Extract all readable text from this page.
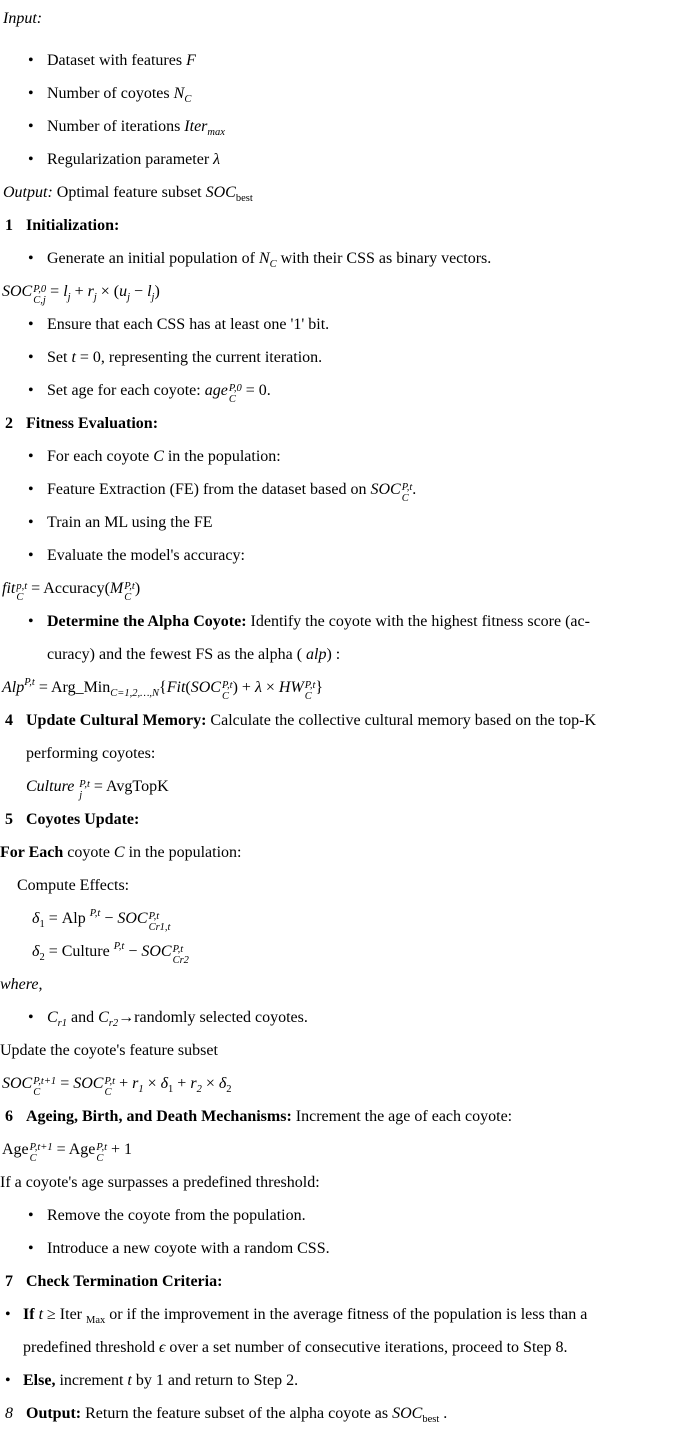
Input:
• Dataset with features F
• Number of coyotes $N_C$
• Number of iterations Iter$_{max}$
• Regularization parameter λ
Output: Optimal feature subset $SOC_{best}$
1 Initialization:
• Generate an initial population of $N_C$ with their CSS as binary vectors.
SOC P,0
C,j
= $l_j + r_j \times (u_j - l_j)$
• Ensure that each CSS has at least one '1' bit.
• Set t = 0, representing the current iteration.
• Set age for each coyote: age P,0
C
= 0.
2 Fitness Evaluation:
• For each coyote C in the population:
• Feature Extraction (FE) from the dataset based on SOC P,t
C
.
• Train an ML using the FE
• Evaluate the model's accuracy:
fit p,t
C
= Accuracy(M P,t
C
)
• Determine the Alpha Coyote: Identify the coyote with the highest fitness score (ac-
curacy) and the fewest FS as the alpha ( alp) :
Alp$^{P,t}$ = Arg_Min$_{C=1,2,\dots,N}${Fit(SOC P,t
C
) + λ × HW P,t
C
}
4 Update Cultural Memory: Calculate the collective cultural memory based on the top-K
performing coyotes:
Culture P,t
j
= AvgTopK
5 Coyotes Update:
For Each coyote C in the population:
Compute Effects:
$\delta_1$ = Alp $^{P,t}$ − SOC P,t
Cr1,t
$\delta_2$ = Culture $^{P,t}$ − SOC P,t
Cr2
where,
• $C_{r1}$ and $C_{r2}\to randomly$ selected coyotes.
Update the coyote's feature subset
SOC P,t+1
C
= SOC P,t
C
+ $r_1 \times \delta_1 + r_2 \times \delta_2$
6 Ageing, Birth, and Death Mechanisms: Increment the age of each coyote:
Age P,t+1
C
= Age P,t
C
+ 1
If a coyote's age surpasses a predefined threshold:
• Remove the coyote from the population.
• Introduce a new coyote with a random CSS.
7 Check Termination Criteria:
• If t ≥ Iter $_{Max}$ or if the improvement in the average fitness of the population is less than a
predefined threshold ϵ over a set number of consecutive iterations, proceed to Step 8.
• Else, increment t by 1 and return to Step 2.
8 Output: Return the feature subset of the alpha coyote as $SOC_{best}$ .
